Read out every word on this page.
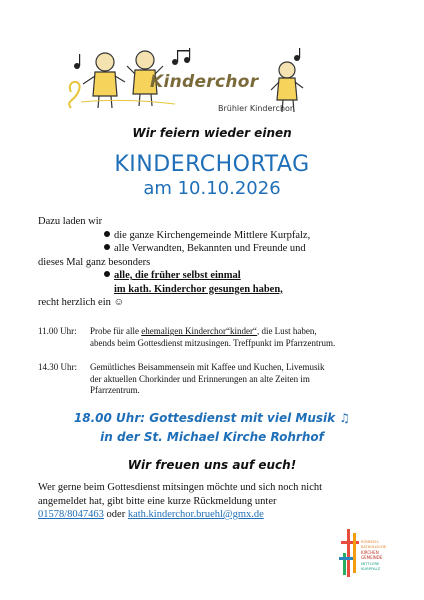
Kinderchor
Brühler Kinderchor
Wir feiern wieder einen
KINDERCHORTAG
am 10.10.2026
Dazu laden wir
die ganze Kirchengemeinde Mittlere Kurpfalz,
alle Verwandten, Bekannten und Freunde und
dieses Mal ganz besonders
alle, die früher selbst einmal
im kath. Kinderchor gesungen haben,
recht herzlich ein ☺
11.00 Uhr:	Probe für alle ehemaligen Kinderchor“kinder“, die Lust haben,
abends beim Gottesdienst mitzusingen. Treffpunkt im Pfarrzentrum.
14.30 Uhr:	Gemütliches Beisammensein mit Kaffee und Kuchen, Livemusik
der aktuellen Chorkinder und Erinnerungen an alte Zeiten im
Pfarrzentrum.
18.00 Uhr: Gottesdienst mit viel Musik ♫
in der St. Michael Kirche Rohrhof
Wir freuen uns auf euch!
Wer gerne beim Gottesdienst mitsingen möchte und sich noch nicht
angemeldet hat, gibt bitte eine kurze Rückmeldung unter
01578/8047463 oder kath.kinderchor.bruehl@gmx.de
RÖMISCH-
KATHOLISCHE
KIRCHEN
GEMEINDE
MITTLERE
KURPFALZ
